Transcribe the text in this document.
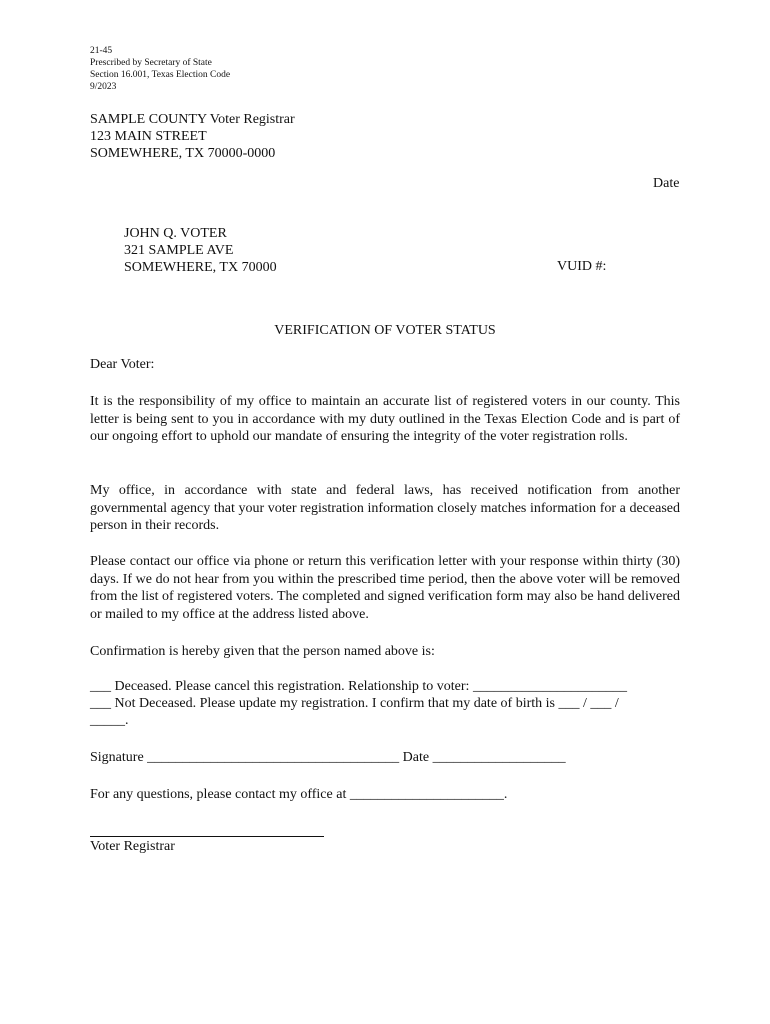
21-45
Prescribed by Secretary of State
Section 16.001, Texas Election Code
9/2023
SAMPLE COUNTY Voter Registrar
123 MAIN STREET
SOMEWHERE, TX 70000-0000
Date
JOHN Q. VOTER
321 SAMPLE AVE
SOMEWHERE, TX 70000	VUID #:
VERIFICATION OF VOTER STATUS
Dear Voter:

It is the responsibility of my office to maintain an accurate list of registered voters in our county. This letter is being sent to you in accordance with my duty outlined in the Texas Election Code and is part of our ongoing effort to uphold our mandate of ensuring the integrity of the voter registration rolls.

My office, in accordance with state and federal laws, has received notification from another governmental agency that your voter registration information closely matches information for a deceased person in their records.

Please contact our office via phone or return this verification letter with your response within thirty (30) days. If we do not hear from you within the prescribed time period, then the above voter will be removed from the list of registered voters. The completed and signed verification form may also be hand delivered or mailed to my office at the address listed above.

Confirmation is hereby given that the person named above is:
___ Deceased. Please cancel this registration. Relationship to voter: ______________________
___ Not Deceased. Please update my registration. I confirm that my date of birth is ___ / ___ /
_____.
Signature ____________________________________ Date ___________________
For any questions, please contact my office at ______________________.
Voter Registrar
